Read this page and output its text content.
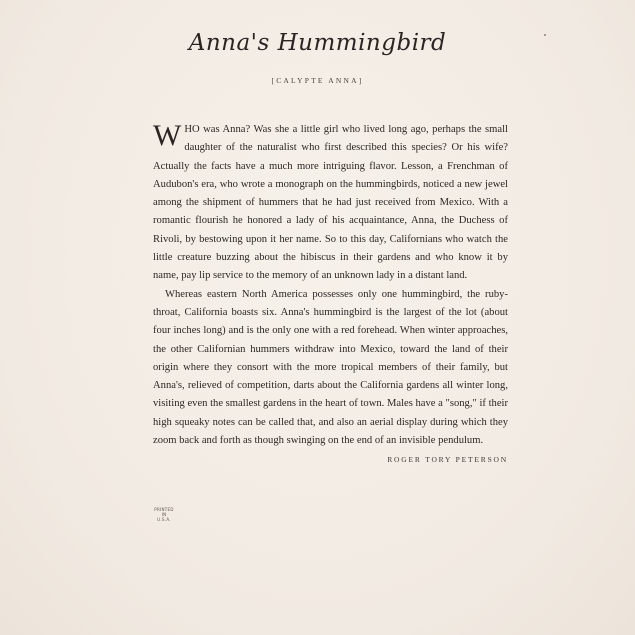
Anna's Hummingbird
[CALYPTE ANNA]

WHO was Anna? Was she a little girl who lived long ago, perhaps the small daughter of the naturalist who first described this species? Or his wife? Actually the facts have a much more intriguing flavor. Lesson, a Frenchman of Audubon's era, who wrote a monograph on the hummingbirds, noticed a new jewel among the shipment of hummers that he had just received from Mexico. With a romantic flourish he honored a lady of his acquaintance, Anna, the Duchess of Rivoli, by bestowing upon it her name. So to this day, Californians who watch the little creature buzzing about the hibiscus in their gardens and who know it by name, pay lip service to the memory of an unknown lady in a distant land.

Whereas eastern North America possesses only one hummingbird, the ruby-throat, California boasts six. Anna's hummingbird is the largest of the lot (about four inches long) and is the only one with a red forehead. When winter approaches, the other Californian hummers withdraw into Mexico, toward the land of their origin where they consort with the more tropical members of their family, but Anna's, relieved of competition, darts about the California gardens all winter long, visiting even the smallest gardens in the heart of town. Males have a "song," if their high squeaky notes can be called that, and also an aerial display during which they zoom back and forth as though swinging on the end of an invisible pendulum.
ROGER TORY PETERSON

PRINTED
IN
U.S.A.
